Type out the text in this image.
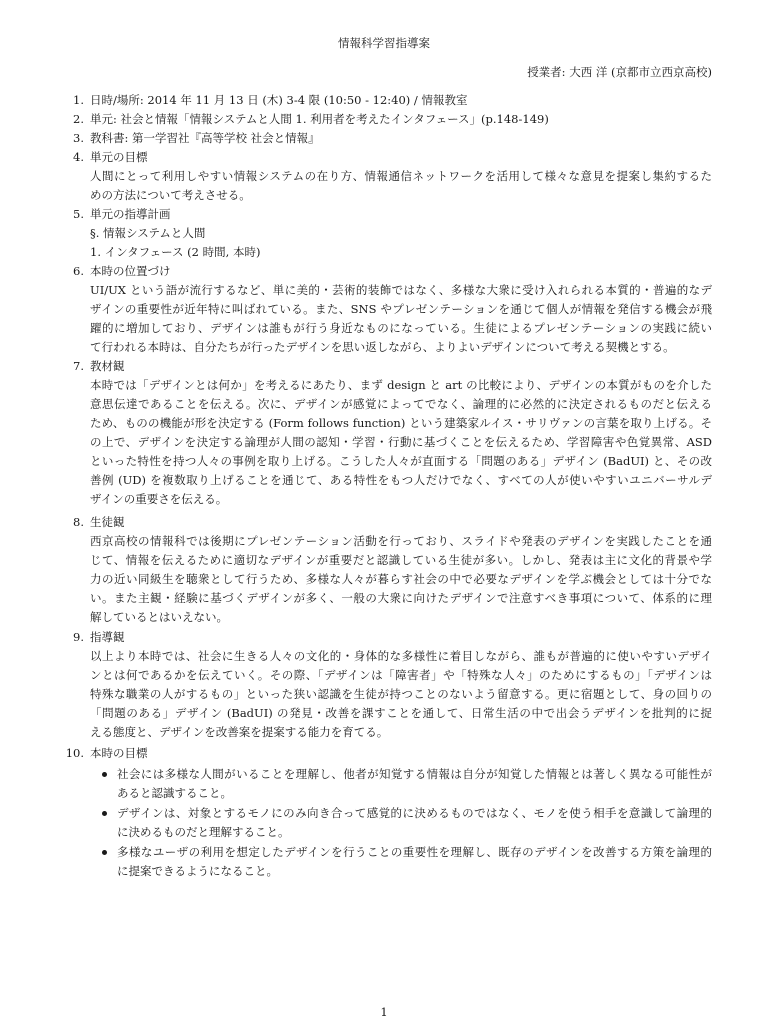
情報科学習指導案
授業者: 大西 洋 (京都市立西京高校)
1. 日時/場所: 2014 年 11 月 13 日 (木) 3-4 限 (10:50 - 12:40) / 情報教室
2. 単元: 社会と情報「情報システムと人間 1. 利用者を考えたインタフェース」(p.148-149)
3. 教科書: 第一学習社『高等学校 社会と情報』
4. 単元の目標
人間にとって利用しやすい情報システムの在り方、情報通信ネットワークを活用して様々な意見を提案し集約するた
めの方法について考えさせる。
5. 単元の指導計画
§. 情報システムと人間
1. インタフェース (2 時間, 本時)
6. 本時の位置づけ
UI/UX という語が流行するなど、単に美的・芸術的装飾ではなく、多様な大衆に受け入れられる本質的・普遍的なデ
ザインの重要性が近年特に叫ばれている。また、SNS やプレゼンテーションを通じて個人が情報を発信する機会が飛
躍的に増加しており、デザインは誰もが行う身近なものになっている。生徒によるプレゼンテーションの実践に続い
て行われる本時は、自分たちが行ったデザインを思い返しながら、よりよいデザインについて考える契機とする。
7. 教材観
本時では「デザインとは何か」を考えるにあたり、まず design と art の比較により、デザインの本質がものを介した
意思伝達であることを伝える。次に、デザインが感覚によってでなく、論理的に必然的に決定されるものだと伝える
ため、ものの機能が形を決定する (Form follows function) という建築家ルイス・サリヴァンの言葉を取り上げる。そ
の上で、デザインを決定する論理が人間の認知・学習・行動に基づくことを伝えるため、学習障害や色覚異常、ASD
といった特性を持つ人々の事例を取り上げる。こうした人々が直面する「問題のある」デザイン (BadUI) と、その改
善例 (UD) を複数取り上げることを通じて、ある特性をもつ人だけでなく、すべての人が使いやすいユニバーサルデ
ザインの重要さを伝える。
8. 生徒観
西京高校の情報科では後期にプレゼンテーション活動を行っており、スライドや発表のデザインを実践したことを通
じて、情報を伝えるために適切なデザインが重要だと認識している生徒が多い。しかし、発表は主に文化的背景や学
力の近い同級生を聴衆として行うため、多様な人々が暮らす社会の中で必要なデザインを学ぶ機会としては十分でな
い。また主観・経験に基づくデザインが多く、一般の大衆に向けたデザインで注意すべき事項について、体系的に理
解しているとはいえない。
9. 指導観
以上より本時では、社会に生きる人々の文化的・身体的な多様性に着目しながら、誰もが普遍的に使いやすいデザイ
ンとは何であるかを伝えていく。その際、「デザインは「障害者」や「特殊な人々」のためにするもの」「デザインは
特殊な職業の人がするもの」といった狭い認識を生徒が持つことのないよう留意する。更に宿題として、身の回りの
「問題のある」デザイン (BadUI) の発見・改善を課すことを通して、日常生活の中で出会うデザインを批判的に捉
える態度と、デザインを改善案を提案する能力を育てる。
10. 本時の目標
社会には多様な人間がいることを理解し、他者が知覚する情報は自分が知覚した情報とは著しく異なる可能性が
あると認識すること。
デザインは、対象とするモノにのみ向き合って感覚的に決めるものではなく、モノを使う相手を意識して論理的
に決めるものだと理解すること。
多様なユーザの利用を想定したデザインを行うことの重要性を理解し、既存のデザインを改善する方策を論理的
に提案できるようになること。
1
